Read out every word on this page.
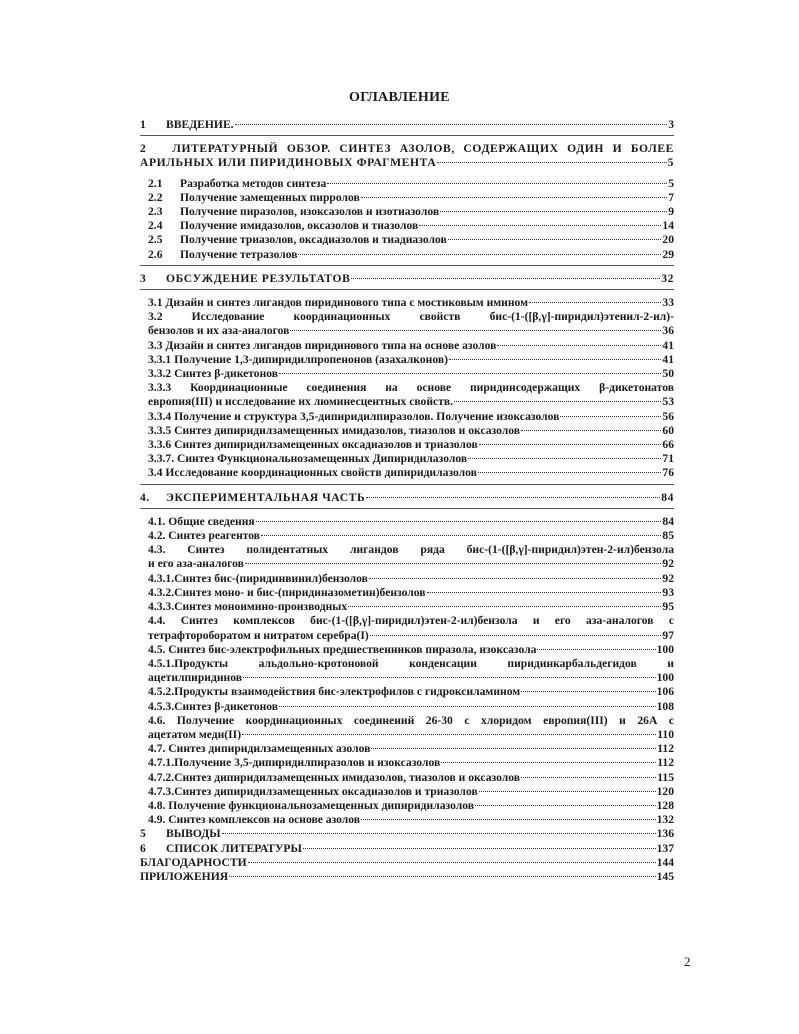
ОГЛАВЛЕНИЕ
1	ВВЕДЕНИЕ.	3
2 ЛИТЕРАТУРНЫЙ ОБЗОР. СИНТЕЗ АЗОЛОВ, СОДЕРЖАЩИХ ОДИН И БОЛЕЕ
АРИЛЬНЫХ ИЛИ ПИРИДИНОВЫХ ФРАГМЕНТА	5
2.1	Разработка методов синтеза	5
2.2	Получение замещенных пирролов	7
2.3	Получение пиразолов, изоксазолов и изотиазолов	9
2.4	Получение имидазолов, оксазолов и тиазолов	14
2.5	Получение триазолов, оксадиазолов и тиадиазолов	20
2.6	Получение тетразолов	29
3	ОБСУЖДЕНИЕ РЕЗУЛЬТАТОВ	32
3.1 Дизайн и синтез лигандов пиридинового типа с мостиковым имином	33
3.2 Исследование координационных свойств бис-(1-([β,γ]-пиридил)этенил-2-ил)-
бензолов и их аза-аналогов	36
3.3 Дизайн и синтез лигандов пиридинового типа на основе азолов	41
3.3.1 Получение 1,3-дипиридилпропенонов (азахалконов)	41
3.3.2 Синтез β-дикетонов	50
3.3.3 Координационные соединения на основе пиридинсодержащих β-дикетонатов
европия(III) и исследование их люминесцентных свойств.	53
3.3.4 Получение и структура 3,5-дипиридилпиразолов. Получение изоксазолов	56
3.3.5 Синтез дипиридилзамещенных имидазолов, тиазолов и оксазолов	60
3.3.6 Синтез дипиридилзамещенных оксадиазолов и триазолов	66
3.3.7. Синтез Функциональнозамещенных Дипиридилазолов	71
3.4 Исследование координационных свойств дипиридилазолов	76
4.	ЭКСПЕРИМЕНТАЛЬНАЯ ЧАСТЬ	84
4.1. Общие сведения	84
4.2. Синтез реагентов	85
4.3. Синтез полидентатных лигандов ряда бис-(1-([β,γ]-пиридил)этен-2-ил)бензола
и его аза-аналогов	92
4.3.1.Синтез бис-(пиридинвинил)бензолов	92
4.3.2.Синтез моно- и бис-(пиридиназометин)бензолов	93
4.3.3.Синтез моноимино-производных	95
4.4. Синтез комплексов бис-(1-([β,γ]-пиридил)этен-2-ил)бензола и его аза-аналогов с
тетрафтороборатом и нитратом серебра(I)	97
4.5. Синтез бис-электрофильных предшественников пиразола, изоксазола	100
4.5.1.Продукты альдольно-кротоновой конденсации пиридинкарбальдегидов и
ацетилпиридинов	100
4.5.2.Продукты взаимодействия бис-электрофилов с гидроксиламином	106
4.5.3.Синтез β-дикетонов	108
4.6. Получение координационных соединений 26-30 с хлоридом европия(III) и 26А с
ацетатом меди(II)	110
4.7. Синтез дипиридилзамещенных азолов	112
4.7.1.Получение 3,5-дипиридилпиразолов и изоксазолов	112
4.7.2.Синтез дипиридилзамещенных имидазолов, тиазолов и оксазолов	115
4.7.3.Синтез дипиридилзамещенных оксадиазолов и триазолов	120
4.8. Получение функциональнозамещенных дипиридилазолов	128
4.9. Синтез комплексов на основе азолов	132
5	ВЫВОДЫ	136
6	СПИСОК ЛИТЕРАТУРЫ	137
БЛАГОДАРНОСТИ	144
ПРИЛОЖЕНИЯ	145
2
